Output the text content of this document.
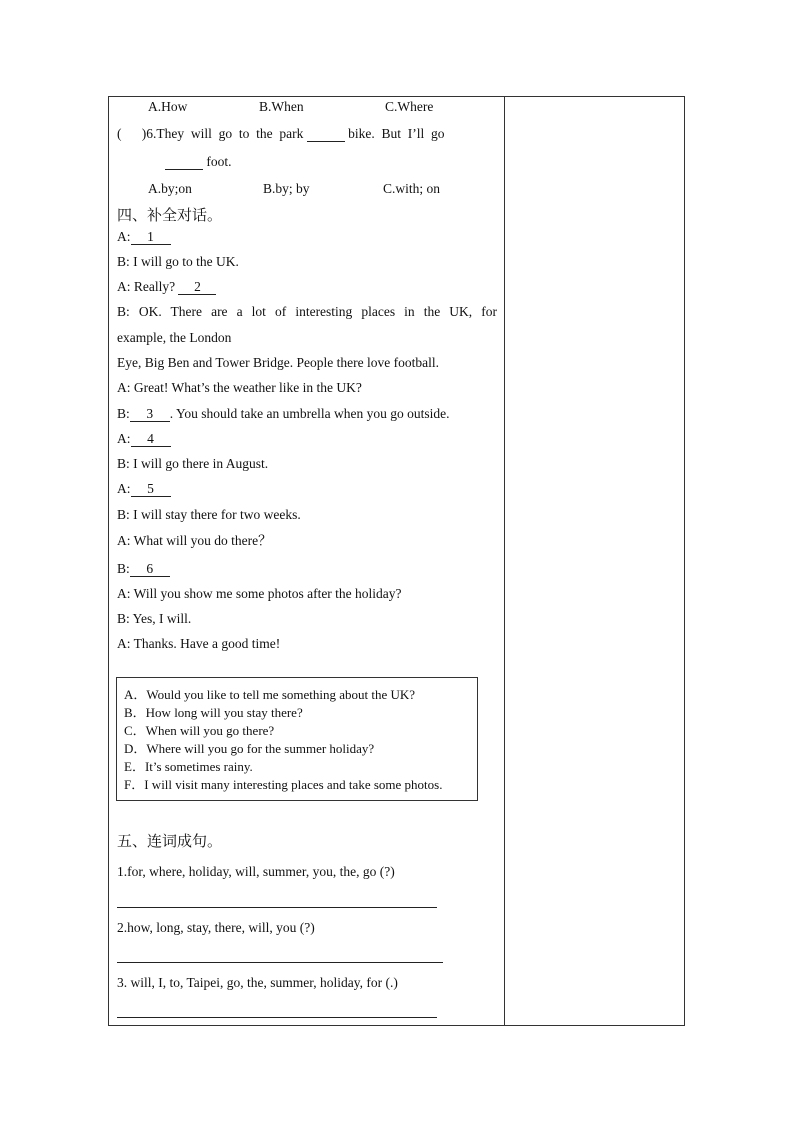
A.How	B.When	C.Where
(      )6.They  will  go  to  the  park	bike.  But  I’ll  go
foot.
A.by;on	B.by; by	C.with; on
四、补全对话。
A: 1
B: I will go to the UK.
A: Really? 2
B: OK. There are a lot of interesting places in the UK, for
example, the London
Eye, Big Ben and Tower Bridge. People there love football.
A: Great! What’s the weather like in the UK?
B: 3 . You should take an umbrella when you go outside.
A: 4
B: I will go there in August.
A: 5
B: I will stay there for two weeks.
A: What will you do there？
B: 6
A: Will you show me some photos after the holiday?
B: Yes, I will.
A: Thanks. Have a good time!
A．Would you like to tell me something about the UK?
B．How long will you stay there?
C．When will you go there?
D．Where will you go for the summer holiday?
E．It’s sometimes rainy.
F．I will visit many interesting places and take some photos.
五、连词成句。
1.for, where, holiday, will, summer, you, the, go (?)
2.how, long, stay, there, will, you (?)
3. will, I, to, Taipei, go, the, summer, holiday, for (.)
